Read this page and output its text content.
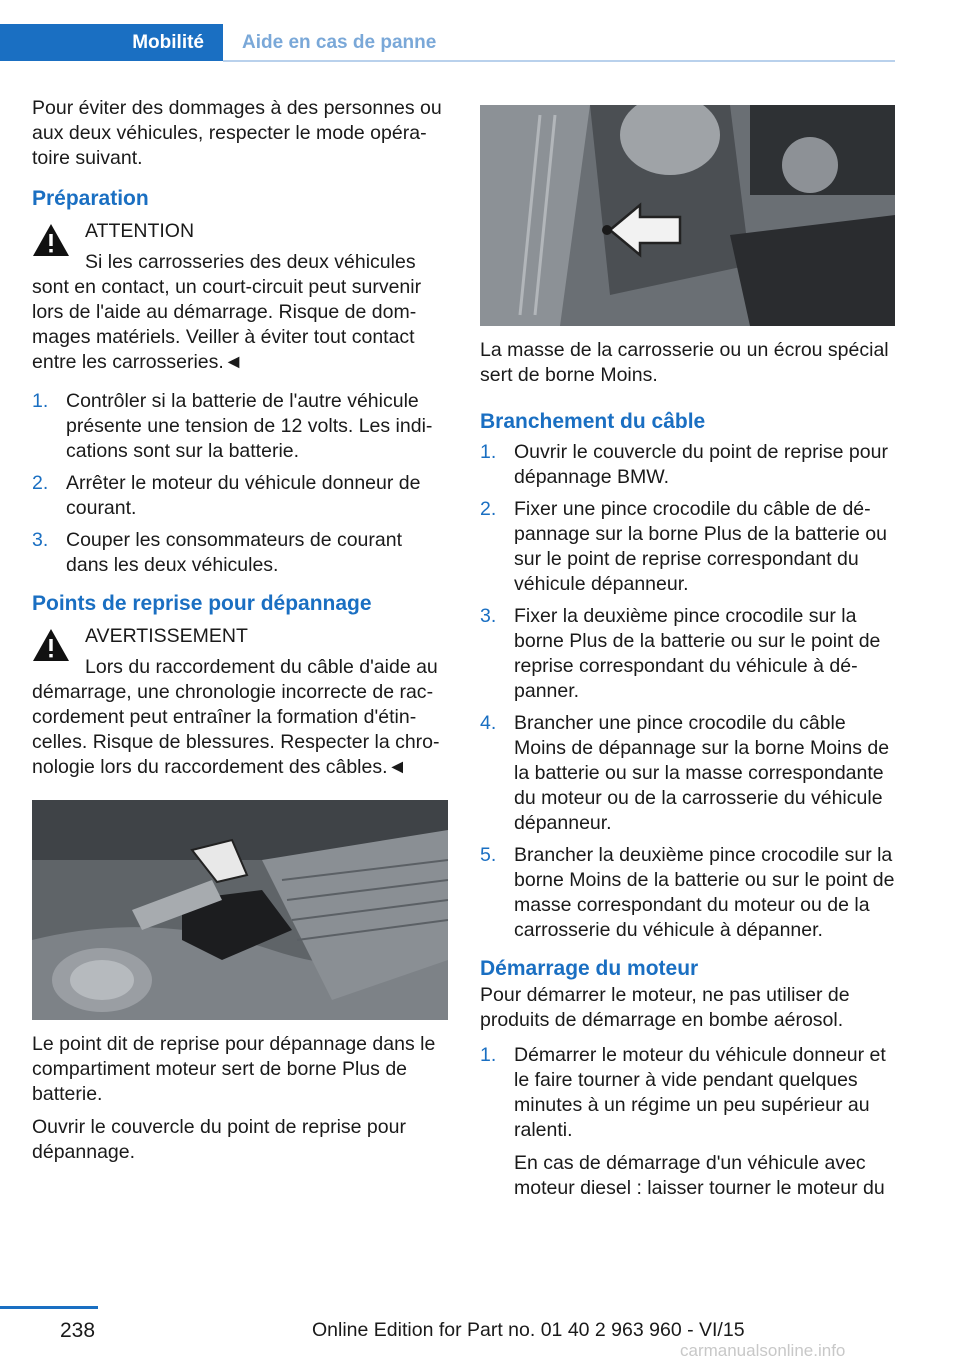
Mobilité	Aide en cas de panne

Pour éviter des dommages à des personnes ou aux deux véhicules, respecter le mode opératoire suivant.

Préparation
ATTENTION
Si les carrosseries des deux véhicules sont en contact, un court-circuit peut survenir lors de l'aide au démarrage. Risque de dommages matériels. Veiller à éviter tout contact entre les carrosseries.◄
1. Contrôler si la batterie de l'autre véhicule présente une tension de 12 volts. Les indications sont sur la batterie.
2. Arrêter le moteur du véhicule donneur de courant.
3. Couper les consommateurs de courant dans les deux véhicules.
Points de reprise pour dépannage
AVERTISSEMENT
Lors du raccordement du câble d'aide au démarrage, une chronologie incorrecte de raccordement peut entraîner la formation d'étincelles. Risque de blessures. Respecter la chronologie lors du raccordement des câbles.◄

Le point dit de reprise pour dépannage dans le compartiment moteur sert de borne Plus de batterie.

Ouvrir le couvercle du point de reprise pour dépannage.

La masse de la carrosserie ou un écrou spécial sert de borne Moins.

Branchement du câble
1. Ouvrir le couvercle du point de reprise pour dépannage BMW.
2. Fixer une pince crocodile du câble de dépannage sur la borne Plus de la batterie ou sur le point de reprise correspondant du véhicule dépanneur.
3. Fixer la deuxième pince crocodile sur la borne Plus de la batterie ou sur le point de reprise correspondant du véhicule à dépanner.
4. Brancher une pince crocodile du câble Moins de dépannage sur la borne Moins de la batterie ou sur la masse correspondante du moteur ou de la carrosserie du véhicule dépanneur.
5. Brancher la deuxième pince crocodile sur la borne Moins de la batterie ou sur le point de masse correspondant du moteur ou de la carrosserie du véhicule à dépanner.
Démarrage du moteur

Pour démarrer le moteur, ne pas utiliser de produits de démarrage en bombe aérosol.

1. Démarrer le moteur du véhicule donneur et le faire tourner à vide pendant quelques minutes à un régime un peu supérieur au ralenti.
En cas de démarrage d'un véhicule avec moteur diesel : laisser tourner le moteur du
238	Online Edition for Part no. 01 40 2 963 960 - VI/15
carmanualsonline.info
